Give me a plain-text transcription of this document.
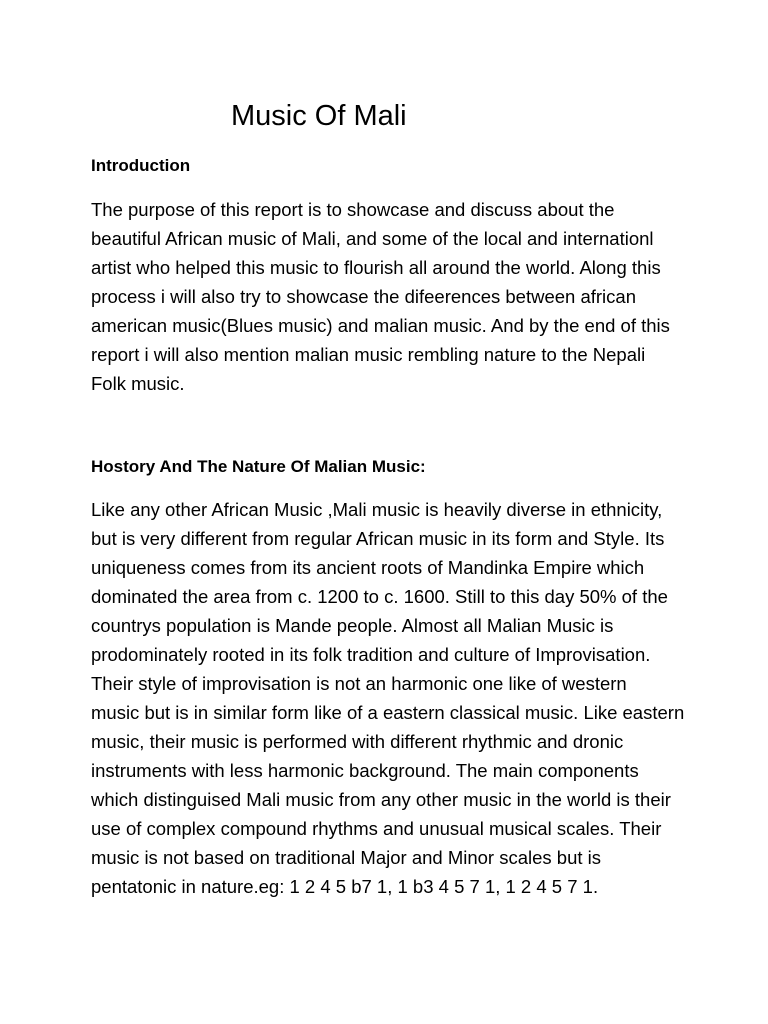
Music Of Mali
Introduction

The purpose of this report is to showcase and discuss about the
beautiful African music of Mali, and some of the local and internationl
artist who helped this music to flourish all around the world. Along this
process i will also try to showcase the difeerences between african
american music(Blues music) and malian music. And by the end of this
report i will also mention malian music rembling nature to the Nepali
Folk music.

Hostory And The Nature Of Malian Music:

Like any other African Music ,Mali music is heavily diverse in ethnicity,
but is very different from regular African music in its form and Style. Its
uniqueness comes from its ancient roots of Mandinka Empire which
dominated the area from c. 1200 to c. 1600. Still to this day 50% of the
countrys population is Mande people. Almost all Malian Music is
prodominately rooted in its folk tradition and culture of Improvisation.
Their style of improvisation is not an harmonic one like of western
music but is in similar form like of a eastern classical music. Like eastern
music, their music is performed with different rhythmic and dronic
instruments with less harmonic background. The main components
which distinguised Mali music from any other music in the world is their
use of complex compound rhythms and unusual musical scales. Their
music is not based on traditional Major and Minor scales but is
pentatonic in nature.eg: 1 2 4 5 b7 1, 1 b3 4 5 7 1, 1 2 4 5 7 1.
